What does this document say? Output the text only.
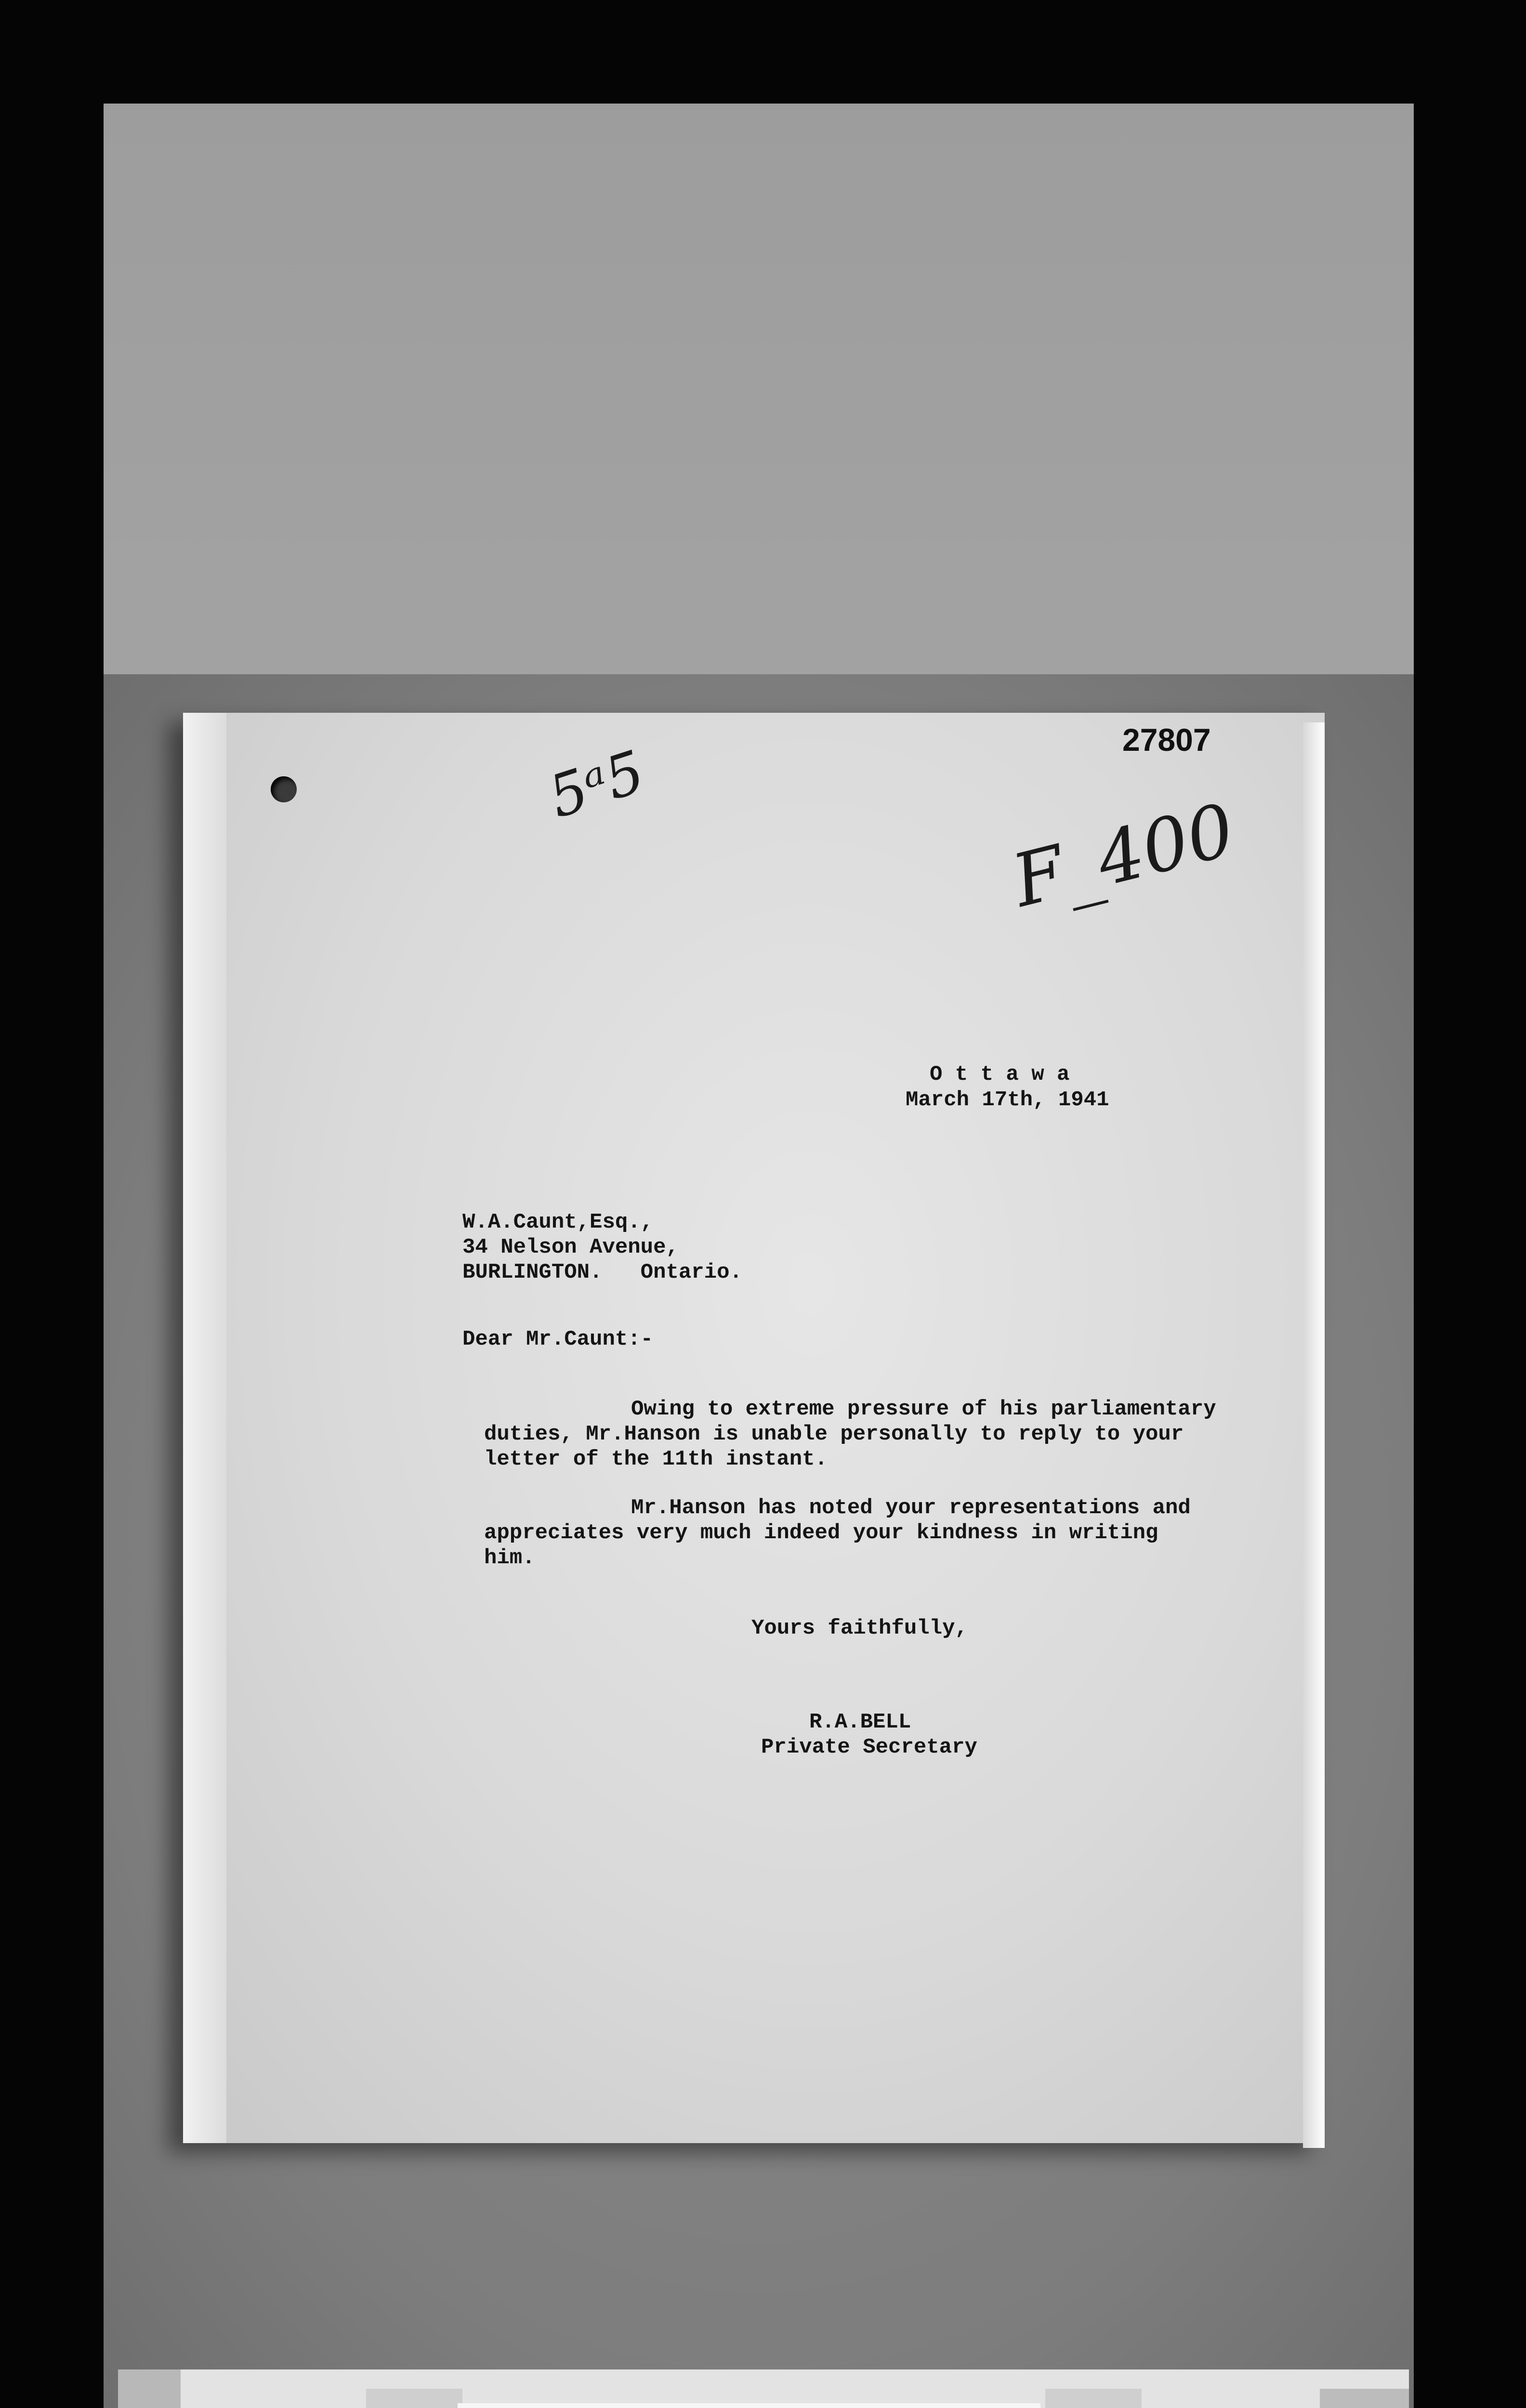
27807
5ᵃ5
F_400
O t t a w a
March 17th, 1941
W.A.Caunt,Esq.,
34 Nelson Avenue,
BURLINGTON.   Ontario.
Dear Mr.Caunt:-
Owing to extreme pressure of his parliamentary
duties, Mr.Hanson is unable personally to reply to your
letter of the 11th instant.
Mr.Hanson has noted your representations and
appreciates very much indeed your kindness in writing
him.
Yours faithfully,
R.A.BELL
Private Secretary
